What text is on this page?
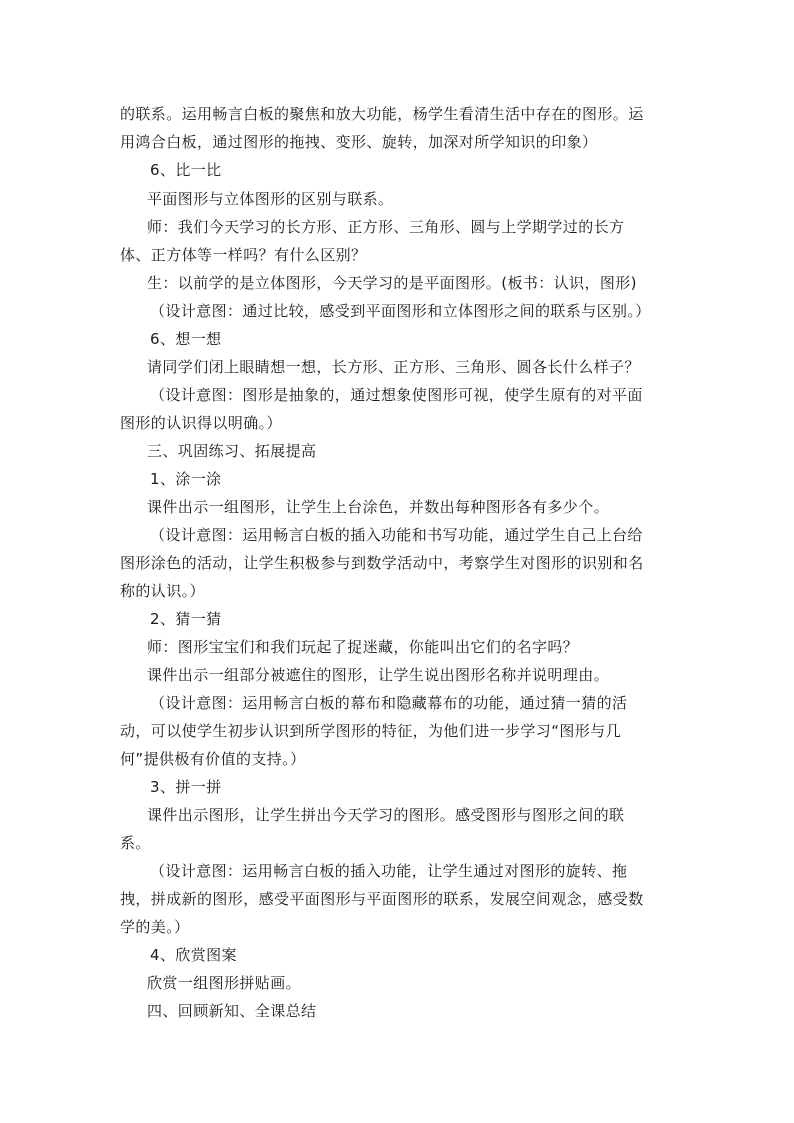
的联系。运用畅言白板的聚焦和放大功能，杨学生看清生活中存在的图形。运
用鸿合白板，通过图形的拖拽、变形、旋转，加深对所学知识的印象）
6、比一比
平面图形与立体图形的区别与联系。
师：我们今天学习的长方形、正方形、三角形、圆与上学期学过的长方
体、正方体等一样吗？有什么区别？
生：以前学的是立体图形，今天学习的是平面图形。(板书：认识，图形)
（设计意图：通过比较，感受到平面图形和立体图形之间的联系与区别。）
6、想一想
请同学们闭上眼睛想一想，长方形、正方形、三角形、圆各长什么样子？
（设计意图：图形是抽象的，通过想象使图形可视，使学生原有的对平面
图形的认识得以明确。）
三、巩固练习、拓展提高
1、涂一涂
课件出示一组图形，让学生上台涂色，并数出每种图形各有多少个。
（设计意图：运用畅言白板的插入功能和书写功能，通过学生自己上台给
图形涂色的活动，让学生积极参与到数学活动中，考察学生对图形的识别和名
称的认识。）
2、猜一猜
师：图形宝宝们和我们玩起了捉迷藏，你能叫出它们的名字吗？
课件出示一组部分被遮住的图形，让学生说出图形名称并说明理由。
（设计意图：运用畅言白板的幕布和隐藏幕布的功能，通过猜一猜的活
动，可以使学生初步认识到所学图形的特征，为他们进一步学习“图形与几
何”提供极有价值的支持。）
3、拼一拼
课件出示图形，让学生拼出今天学习的图形。感受图形与图形之间的联
系。
（设计意图：运用畅言白板的插入功能，让学生通过对图形的旋转、拖
拽，拼成新的图形，感受平面图形与平面图形的联系，发展空间观念，感受数
学的美。）
4、欣赏图案
欣赏一组图形拼贴画。
四、回顾新知、全课总结
